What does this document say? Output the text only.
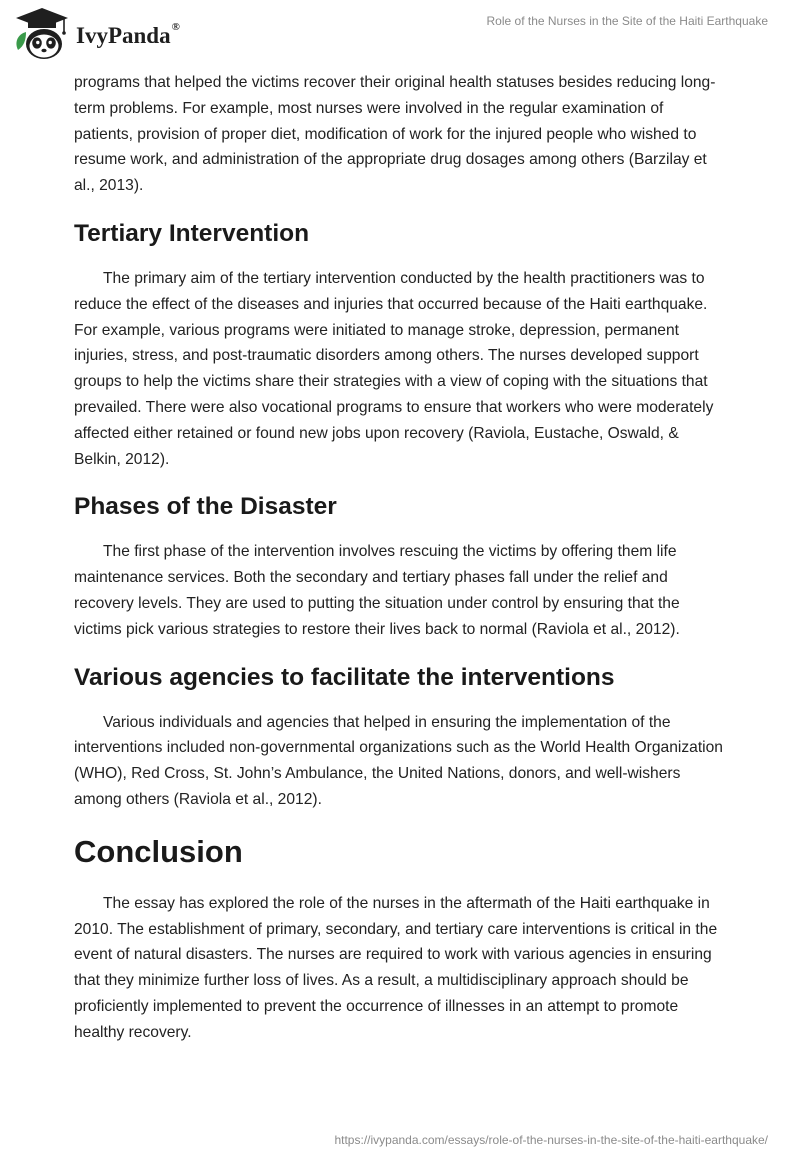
IvyPanda®	Role of the Nurses in the Site of the Haiti Earthquake

programs that helped the victims recover their original health statuses besides reducing long-term problems. For example, most nurses were involved in the regular examination of patients, provision of proper diet, modification of work for the injured people who wished to resume work, and administration of the appropriate drug dosages among others (Barzilay et al., 2013).

Tertiary Intervention

The primary aim of the tertiary intervention conducted by the health practitioners was to reduce the effect of the diseases and injuries that occurred because of the Haiti earthquake. For example, various programs were initiated to manage stroke, depression, permanent injuries, stress, and post-traumatic disorders among others. The nurses developed support groups to help the victims share their strategies with a view of coping with the situations that prevailed. There were also vocational programs to ensure that workers who were moderately affected either retained or found new jobs upon recovery (Raviola, Eustache, Oswald, & Belkin, 2012).

Phases of the Disaster

The first phase of the intervention involves rescuing the victims by offering them life maintenance services. Both the secondary and tertiary phases fall under the relief and recovery levels. They are used to putting the situation under control by ensuring that the victims pick various strategies to restore their lives back to normal (Raviola et al., 2012).

Various agencies to facilitate the interventions

Various individuals and agencies that helped in ensuring the implementation of the interventions included non-governmental organizations such as the World Health Organization (WHO), Red Cross, St. John’s Ambulance, the United Nations, donors, and well-wishers among others (Raviola et al., 2012).

Conclusion

The essay has explored the role of the nurses in the aftermath of the Haiti earthquake in 2010. The establishment of primary, secondary, and tertiary care interventions is critical in the event of natural disasters. The nurses are required to work with various agencies in ensuring that they minimize further loss of lives. As a result, a multidisciplinary approach should be proficiently implemented to prevent the occurrence of illnesses in an attempt to promote healthy recovery.

https://ivypanda.com/essays/role-of-the-nurses-in-the-site-of-the-haiti-earthquake/
